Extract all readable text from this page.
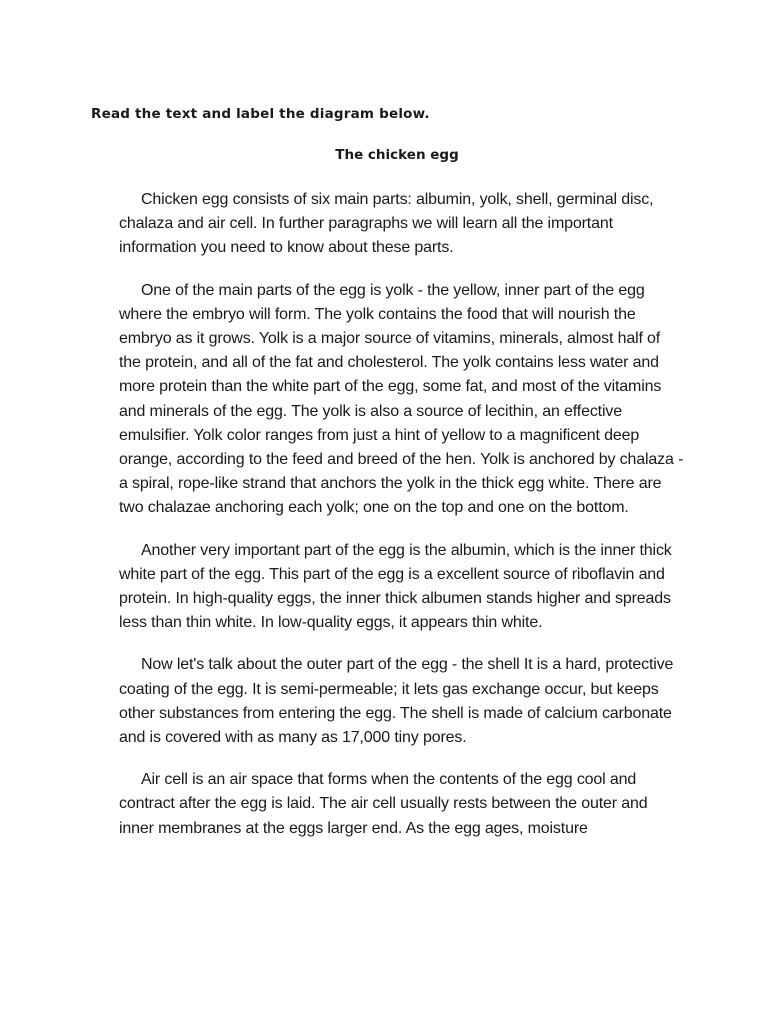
Read the text and label the diagram below.

The chicken egg

Chicken egg consists of six main parts: albumin, yolk, shell, germinal disc, chalaza and air cell. In further paragraphs we will learn all the important information you need to know about these parts.

One of the main parts of the egg is yolk - the yellow, inner part of the egg where the embryo will form. The yolk contains the food that will nourish the embryo as it grows. Yolk is a major source of vitamins, minerals, almost half of the protein, and all of the fat and cholesterol. The yolk contains less water and more protein than the white part of the egg, some fat, and most of the vitamins and minerals of the egg. The yolk is also a source of lecithin, an effective emulsifier. Yolk color ranges from just a hint of yellow to a magnificent deep orange, according to the feed and breed of the hen. Yolk is anchored by chalaza - a spiral, rope-like strand that anchors the yolk in the thick egg white. There are two chalazae anchoring each yolk; one on the top and one on the bottom.

Another very important part of the egg is the albumin, which is the inner thick white part of the egg. This part of the egg is a excellent source of riboflavin and protein. In high-quality eggs, the inner thick albumen stands higher and spreads less than thin white. In low-quality eggs, it appears thin white.

Now let's talk about the outer part of the egg - the shell It is a hard, protective coating of the egg. It is semi-permeable; it lets gas exchange occur, but keeps other substances from entering the egg. The shell is made of calcium carbonate and is covered with as many as 17,000 tiny pores.

Air cell is an air space that forms when the contents of the egg cool and contract after the egg is laid. The air cell usually rests between the outer and inner membranes at the eggs larger end. As the egg ages, moisture
